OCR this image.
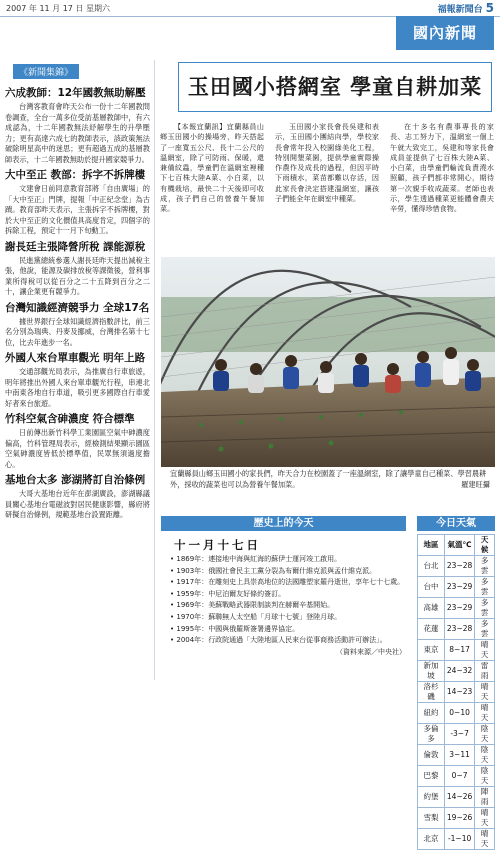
2007 年 11 月 17 日 星期六	福報新聞台 5
國內新聞
《新聞集錦》
六成教師：12年國教無助解壓

台灣客教育會昨天公布一份十二年國教問卷調查，全台一萬多位受訪基層教師中，有六成認為，十二年國教無法紓解學生的升學壓力；更有高達六成七的教師表示，該政策無法破除明星高中的迷思；更有超過五成的基層教師表示，十二年國教無助於提升國家競爭力。

大中至正 教部：拆字不拆牌樓

文建會日前同意教育部將「自由廣場」的「大中至正」門牌，提報「中正紀念堂」為古蹟。教育部昨天表示，主張拆字不拆牌樓，對於大中至正的文化價值具高度肯定，四個字的拆除工程，預定十一月下旬動工。

謝長廷主張降營所稅 課能源稅

民進黨總統參選人謝長廷昨天提出減稅主張，他說，能源及碳排放稅等課徵後，營利事業所得稅可以從百分之二十五降到百分之二十，讓企業更有競爭力。

台灣知識經濟競爭力 全球17名

據世界銀行全球知識經濟指數評比，前三名分別為瑞典、丹麥及挪威，台灣排名第十七位，比去年進步一名。

外國人來台單車觀光 明年上路

交通部觀光局表示，為推廣自行車旅遊，明年將推出外國人來台單車觀光行程，串連北中南東各地自行車道，吸引更多國際自行車愛好者來台旅遊。

竹科空氣含砷濃度 符合標準

日前傳出新竹科學工業園區空氣中砷濃度偏高，竹科管理局表示，經檢測結果顯示園區空氣砷濃度皆低於標準值，民眾無須過度擔心。

基地台太多 澎湖將訂自治條例

大哥大基地台近年在澎湖廣設，澎湖縣議員關心基地台電磁波對居民健康影響，縣府將研擬自治條例，規範基地台設置距離。

玉田國小搭網室 學童自耕加菜

【本報宜蘭訊】宜蘭縣員山鄉玉田國小的操場旁，昨天搭起了一座寬五公尺、長十二公尺的溫網室，除了可防雨、保暖，還兼備紋蟲，學童們在溫網室裡種下七百株大陸A菜、小白菜，以有機栽培，最快二十天後即可收成，孩子們自己的營養午餐加菜。

玉田國小家長會長吳建和表示，玉田國小團結向學，學校家長會常年投入校園綠美化工程，特別開墾菜園，提供學童實際操作農作及成長的過程，但因平時下雨積水，菜苗都難以存活，因此家長會決定搭建溫網室，讓孩子們能全年在網室中種菜。

在十多名有農事專長的家長、志工努力下，溫網室一個上午就大致完工，吳建和等家長會成員並提供了七百株大陸A菜、小白菜，由學童們輪流負責澆水照顧，孩子們都非常開心，期待第一次親手收成蔬菜。老師也表示，學生透過種菜更能體會農夫辛勞，懂得珍惜食物。

宜蘭縣員山鄉玉田國小的家長們，昨天合力在校園蓋了一座溫網室，除了讓學童自己種菜、學習農耕外，採收的蔬菜也可以為營養午餐加菜。	羅建旺攝
歷史上的今天
十一月十七日
• 1869年：連接地中海與紅海的蘇伊士運河竣工啟用。
• 1903年：俄國社會民主工黨分裂為布爾什維克派與孟什維克派。
• 1917年：在雕刻史上具崇高地位的法國雕塑家羅丹逝世，享年七十七歲。
• 1959年：中尼泊爾友好條約簽訂。
• 1969年：美蘇戰略武器限制談判在赫爾辛基開始。
• 1970年：蘇聯無人太空船「月球十七號」登陸月球。
• 1995年：中國與俄羅斯簽署邊界協定。
• 2004年：行政院通過「大陸地區人民來台從事商務活動許可辦法」。
（資料來源／中央社）
今日天氣
地區	氣溫℃	天候
台北	23~28	多雲
台中	23~29	多雲
高雄	23~29	多雲
花蓮	23~28	多雲
東京	8~17	晴天
新加坡	24~32	雷雨
洛杉磯	14~23	晴天
紐約	0~10	晴天
多倫多	-3~7	陰天
倫敦	3~11	陰天
巴黎	0~7	陰天
約堡	14~26	陣雨
雪梨	19~26	晴天
北京	-1~10	晴天
